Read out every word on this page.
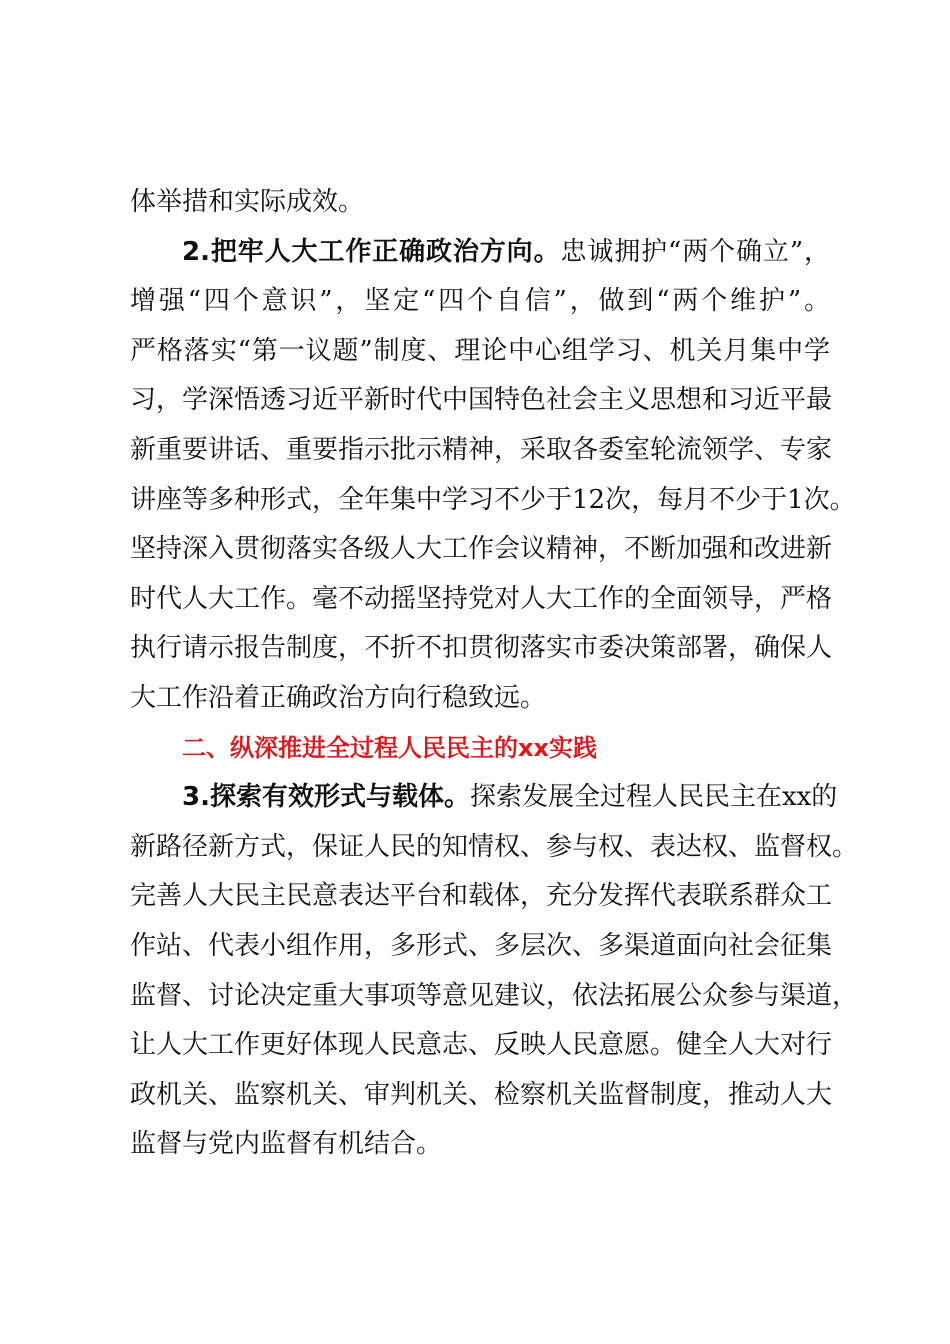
体举措和实际成效。
2.把牢人大工作正确政治方向。忠诚拥护“两个确立”，
增强“四个意识”，坚定“四个自信”，做到“两个维护”。
严格落实“第一议题”制度、理论中心组学习、机关月集中学
习，学深悟透习近平新时代中国特色社会主义思想和习近平最
新重要讲话、重要指示批示精神，采取各委室轮流领学、专家
讲座等多种形式，全年集中学习不少于12次，每月不少于1次。
坚持深入贯彻落实各级人大工作会议精神，不断加强和改进新
时代人大工作。毫不动摇坚持党对人大工作的全面领导，严格
执行请示报告制度，不折不扣贯彻落实市委决策部署，确保人
大工作沿着正确政治方向行稳致远。
二、纵深推进全过程人民民主的xx实践
3.探索有效形式与载体。探索发展全过程人民民主在xx的
新路径新方式，保证人民的知情权、参与权、表达权、监督权。
完善人大民主民意表达平台和载体，充分发挥代表联系群众工
作站、代表小组作用，多形式、多层次、多渠道面向社会征集
监督、讨论决定重大事项等意见建议，依法拓展公众参与渠道，
让人大工作更好体现人民意志、反映人民意愿。健全人大对行
政机关、监察机关、审判机关、检察机关监督制度，推动人大
监督与党内监督有机结合。
